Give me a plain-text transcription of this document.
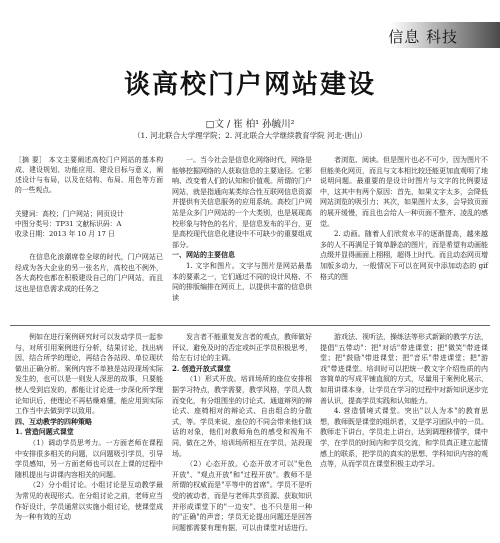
信息 科技
谈高校门户网站建设
□文 / 崔 柏¹ 孙毓川²
（1. 河北联合大学理学院；2. 河北联合大学继续教育学院 河北·唐山）

［摘 要］ 本文主要阐述高校门户网站的基本构成、建设规划、功能应用、建设目标与意义，阐述设计与布局，以及在结构、布局、用色等方面的一些观点。

关键词：高校；门户网站；网页设计
中图分类号：TP31 文献标识码：A
收录日期：2013 年 10 月 17 日

在信息化浪潮席卷全球的时代，门户网站已经成为各大企业的另一张名片，高校也不例外，各大高校也都在积极建设自己的门户网站，而且这也是信息需求成的任务之

一。当今社会是信息化网络时代，网络是能够挖掘网络的人获取信息的主要途径。它影响、改变着人们的认知和价值观。所谓的门户网站，就是指通向某类综合性互联网信息资源并提供有关信息服务的应用系统。高校门户网站是众多门户网站的一个大类别，也是展现高校形象与特色的名片，是信息发布的平台，更是高校现代信息化建设中不可缺少的重要组成部分。

一、网站的主要信息

1. 文字和图片。文字与图片是网站最基本的要素之一，它们通过不同的设计风格、不同的排版编排在网页上，以提供丰富的信息供读

者浏览、阅读。但是图片也必不可少，因为图片不但能美化网页，而且与文本相比较还能更加直观明了地说明问题。最重要的是设计时图片与文字的比例要适中，这其中有两个原因：首先，如果文字太多，会降低网站浏览的吸引力；其次，如果图片太多，会导致页面的展开缓慢，而且也会给人一种页面不整齐、凌乱的感觉。

2. 动画。随着人们欣赏水平的逐渐提高，越来越多的人不再满足于简单静态的图片，而是希望有动画能点缀并显得画面上栩栩，超得上时代。而且动态网页增加版多动力，一般情况下可以在网页中添加动态的 gif 格式的图

例如在进行案例研究时可以发动学员一起参与，对所引用案例进行分析，结果讨论，找出病因，结合所学的理论，再结合各站段、单位现状做出正确分析。案例内容不单独是站段现场实际发生的，也可以是一则发人深思的故事，只要能使人受到启发的，都能让讨论进一步深化所学理论知识后，使理论不再枯燥难懂，能应用到实际工作当中去做到学以致用。

四、互动教学的四种策略

1. 营造问题式课堂

（1）调动学员思考力。一方面老师在课程中安排很多相关的问题，以问题吸引学员，引导学员感知，另一方面老师也可以在上课的过程中随机提出与讲课内容相关的问题。

（2）分小组讨论。小组讨论是互动教学最为常见的表现形式。在分组讨论之前，老师应当作好设计，学员通常以实施小组讨论，使课堂成为一种有效的互动

发言者不能重复发言者的观点，教师做好评议、避免及时的否定或纠正学员积极思考，给左右讨论的主调。

2. 创造开放式课堂

（1）形式开放。培训场所的座位安排根据学习特点，教学需要，教学风格，学员人数而变化，有分组围坐的讨论式、通道辩列的辩论式、座椅相对的辩论式、自由组合的分散式，等。学员来说，座位的不同会带来他们谈话的对象，他们对教师角色的感受和视角不同，做在之外，培训场所相互在学员、站段现场。

（2）心态开放。心态开放才可以"免色开放"、"观点开放"和"过程开放"。教师不是所谓的权威而是"平等中的首席"。学员不是听受的被动者，而是与老师共享资源、获取知识并形成课堂下的"一边安"、也不只是用一种的"正确"的声音；学员无论提出问题还是回答问题都需要有理有据，可以由课堂对话进行。

游戏法、视听法，操练法等形式新颖的教学方法，提倡"五带动"：把"对话"带进课堂；把"微笑"带进课堂；把"鼓励"带进课堂；把"音乐"带进课堂；把"游戏"带进课堂。培训时可以把统一教文字介绍性质的内容简单的写成平铺直叙的方式，尽量用于案例化展示，如用讲课本身，让学员在学习的过程中对新知识逐步完善认识，提高学员实践和认知能力。

4. 营造情境式课堂。突出"以人为本"的教育思想，教师既是课堂的组织者，又是学习团队中的一员。教师走下讲台，学员走上讲台，达到调理移情学，课中学，在学员的时间内和学员交流，和学员真正建立起情感上的联系，把学员的真实的思想、学科知识内容的观点等，从而学员在课堂积极主动学习。
